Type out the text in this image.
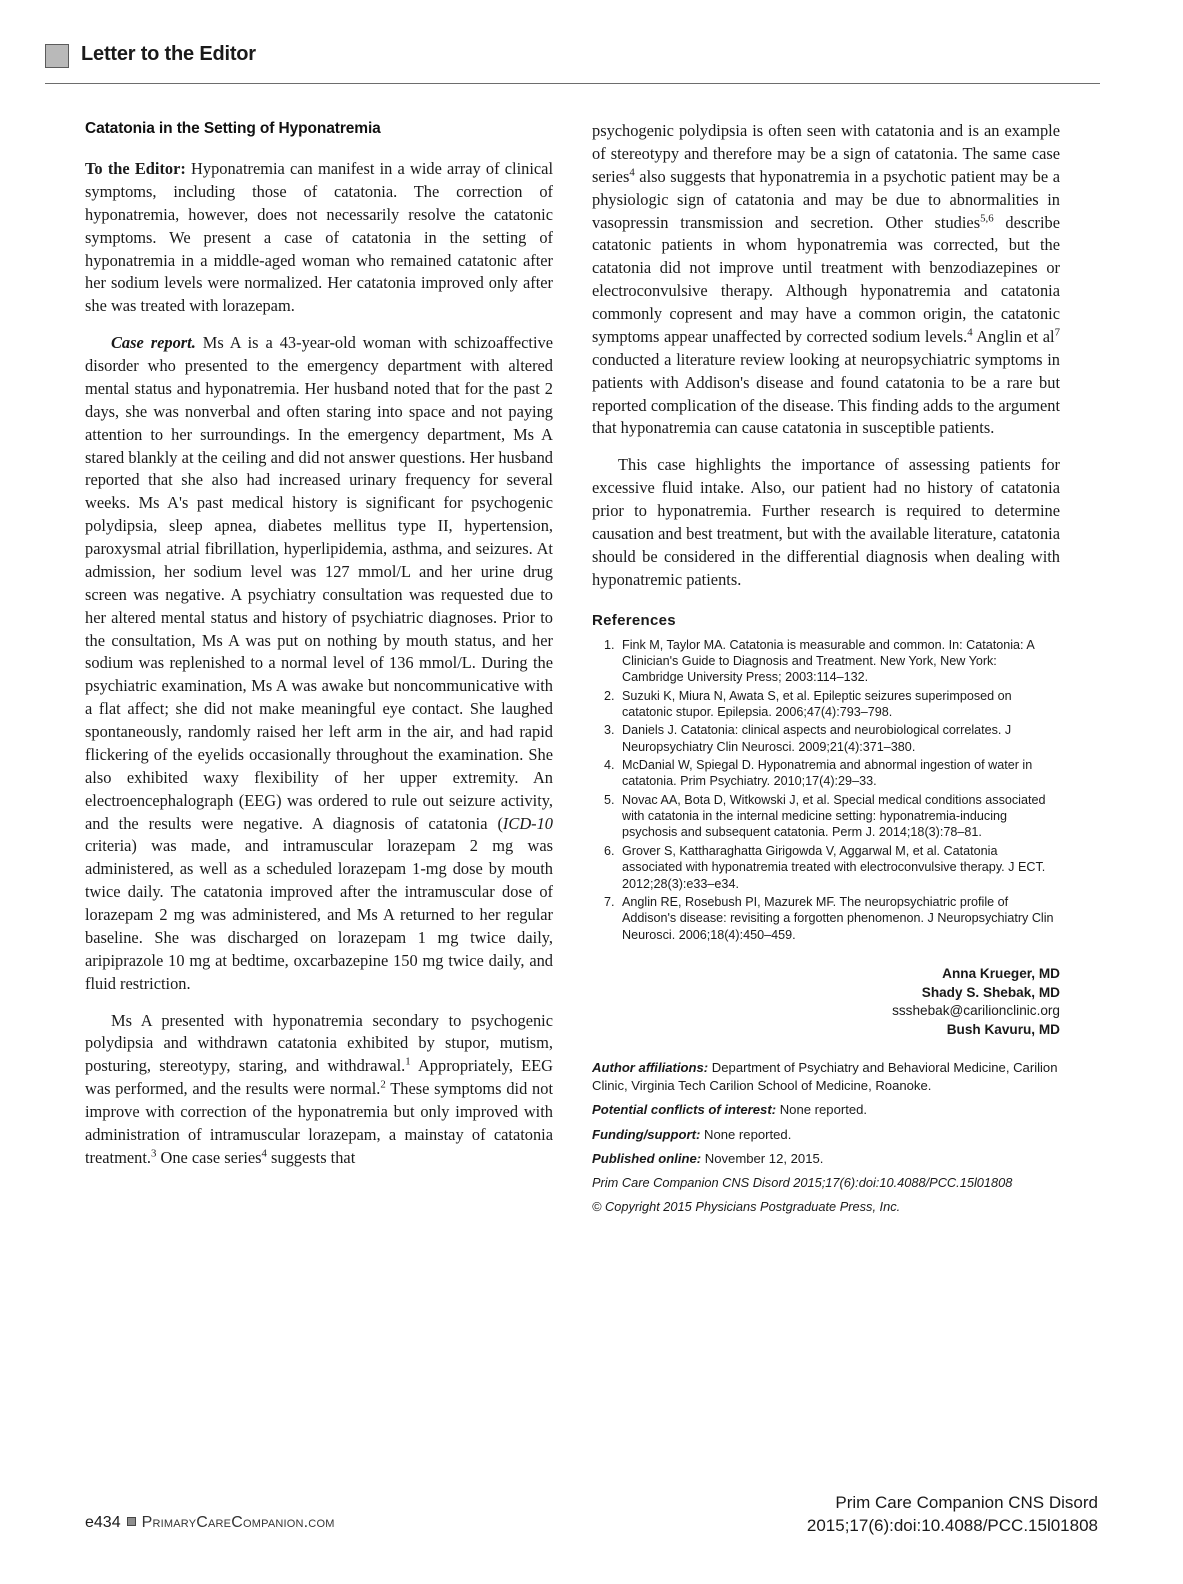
Letter to the Editor
Catatonia in the Setting of Hyponatremia

To the Editor: Hyponatremia can manifest in a wide array of clinical symptoms, including those of catatonia. The correction of hyponatremia, however, does not necessarily resolve the catatonic symptoms. We present a case of catatonia in the setting of hyponatremia in a middle-aged woman who remained catatonic after her sodium levels were normalized. Her catatonia improved only after she was treated with lorazepam.

Case report. Ms A is a 43-year-old woman with schizoaffective disorder who presented to the emergency department with altered mental status and hyponatremia. Her husband noted that for the past 2 days, she was nonverbal and often staring into space and not paying attention to her surroundings. In the emergency department, Ms A stared blankly at the ceiling and did not answer questions. Her husband reported that she also had increased urinary frequency for several weeks. Ms A's past medical history is significant for psychogenic polydipsia, sleep apnea, diabetes mellitus type II, hypertension, paroxysmal atrial fibrillation, hyperlipidemia, asthma, and seizures. At admission, her sodium level was 127 mmol/L and her urine drug screen was negative. A psychiatry consultation was requested due to her altered mental status and history of psychiatric diagnoses. Prior to the consultation, Ms A was put on nothing by mouth status, and her sodium was replenished to a normal level of 136 mmol/L. During the psychiatric examination, Ms A was awake but noncommunicative with a flat affect; she did not make meaningful eye contact. She laughed spontaneously, randomly raised her left arm in the air, and had rapid flickering of the eyelids occasionally throughout the examination. She also exhibited waxy flexibility of her upper extremity. An electroencephalograph (EEG) was ordered to rule out seizure activity, and the results were negative. A diagnosis of catatonia (ICD-10 criteria) was made, and intramuscular lorazepam 2 mg was administered, as well as a scheduled lorazepam 1-mg dose by mouth twice daily. The catatonia improved after the intramuscular dose of lorazepam 2 mg was administered, and Ms A returned to her regular baseline. She was discharged on lorazepam 1 mg twice daily, aripiprazole 10 mg at bedtime, oxcarbazepine 150 mg twice daily, and fluid restriction.

Ms A presented with hyponatremia secondary to psychogenic polydipsia and withdrawn catatonia exhibited by stupor, mutism, posturing, stereotypy, staring, and withdrawal.$^1$ Appropriately, EEG was performed, and the results were normal.$^2$ These symptoms did not improve with correction of the hyponatremia but only improved with administration of intramuscular lorazepam, a mainstay of catatonia treatment.$^3$ One case series$^4$ suggests that

psychogenic polydipsia is often seen with catatonia and is an example of stereotypy and therefore may be a sign of catatonia. The same case series$^4$ also suggests that hyponatremia in a psychotic patient may be a physiologic sign of catatonia and may be due to abnormalities in vasopressin transmission and secretion. Other studies$^{5,6}$ describe catatonic patients in whom hyponatremia was corrected, but the catatonia did not improve until treatment with benzodiazepines or electroconvulsive therapy. Although hyponatremia and catatonia commonly copresent and may have a common origin, the catatonic symptoms appear unaffected by corrected sodium levels.$^4$ Anglin et $al^7$ conducted a literature review looking at neuropsychiatric symptoms in patients with Addison's disease and found catatonia to be a rare but reported complication of the disease. This finding adds to the argument that hyponatremia can cause catatonia in susceptible patients.

This case highlights the importance of assessing patients for excessive fluid intake. Also, our patient had no history of catatonia prior to hyponatremia. Further research is required to determine causation and best treatment, but with the available literature, catatonia should be considered in the differential diagnosis when dealing with hyponatremic patients.

References
1. Fink M, Taylor MA. Catatonia is measurable and common. In: Catatonia: A Clinician's Guide to Diagnosis and Treatment. New York, New York: Cambridge University Press; 2003:114–132.
2. Suzuki K, Miura N, Awata S, et al. Epileptic seizures superimposed on catatonic stupor. Epilepsia. 2006;47(4):793–798.
3. Daniels J. Catatonia: clinical aspects and neurobiological correlates. J Neuropsychiatry Clin Neurosci. 2009;21(4):371–380.
4. McDanial W, Spiegal D. Hyponatremia and abnormal ingestion of water in catatonia. Prim Psychiatry. 2010;17(4):29–33.
5. Novac AA, Bota D, Witkowski J, et al. Special medical conditions associated with catatonia in the internal medicine setting: hyponatremia-inducing psychosis and subsequent catatonia. Perm J. 2014;18(3):78–81.
6. Grover S, Kattharaghatta Girigowda V, Aggarwal M, et al. Catatonia associated with hyponatremia treated with electroconvulsive therapy. J ECT. 2012;28(3):e33–e34.
7. Anglin RE, Rosebush PI, Mazurek MF. The neuropsychiatric profile of Addison's disease: revisiting a forgotten phenomenon. J Neuropsychiatry Clin Neurosci. 2006;18(4):450–459.
Anna Krueger, MD
Shady S. Shebak, MD
ssshebak@carilionclinic.org
Bush Kavuru, MD

Author affiliations: Department of Psychiatry and Behavioral Medicine, Carilion Clinic, Virginia Tech Carilion School of Medicine, Roanoke.

Potential conflicts of interest: None reported.

Funding/support: None reported.

Published online: November 12, 2015.

Prim Care Companion CNS Disord 2015;17(6):doi:10.4088/PCC.15l01808

© Copyright 2015 Physicians Postgraduate Press, Inc.

e434 PrimaryCareCompanion.com
Prim Care Companion CNS Disord
2015;17(6):doi:10.4088/PCC.15l01808
